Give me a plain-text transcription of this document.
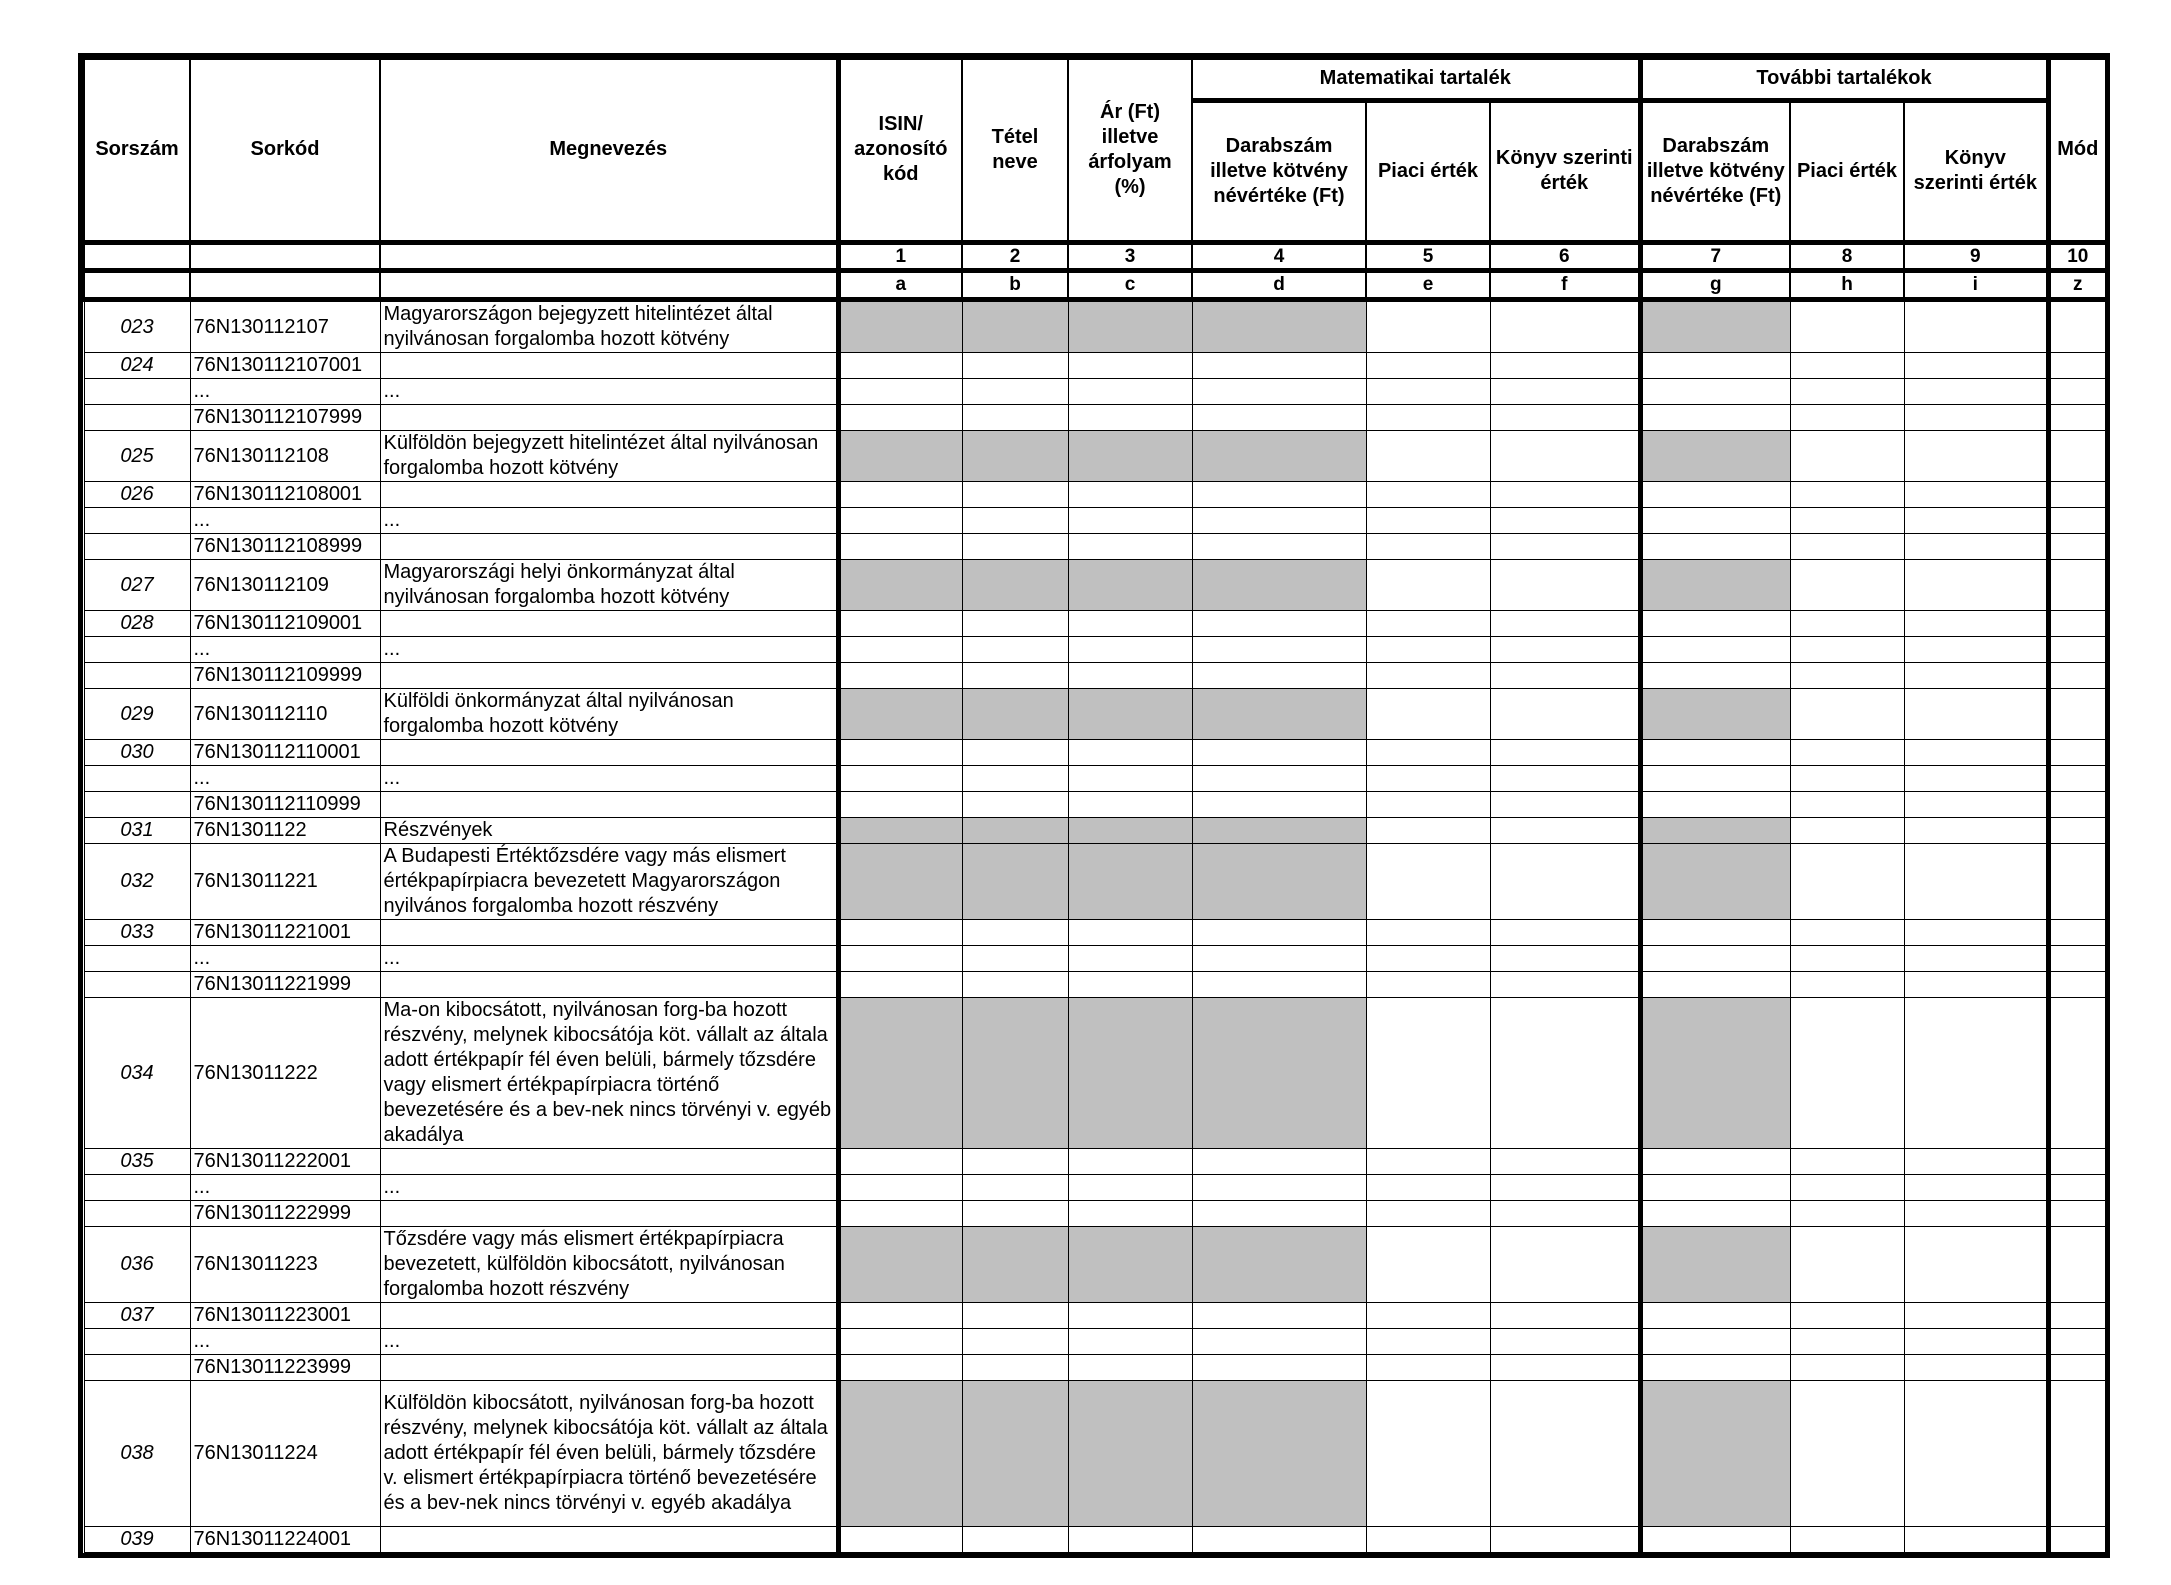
Sorszám	Sorkód	Megnevezés	ISIN/ azonosító kód	Tétel neve	Ár (Ft) illetve árfolyam (%)	Matematikai tartalék			További tartalékok			Mód
						Darabszám illetve kötvény névértéke (Ft)	Piaci érték	Könyv szerinti érték	Darabszám illetve kötvény névértéke (Ft)	Piaci érték	Könyv szerinti érték	
			1	2	3	4	5	6	7	8	9	10
			a	b	c	d	e	f	g	h	i	z
023	76N130112107	Magyarországon bejegyzett hitelintézet által nyilvánosan forgalomba hozott kötvény										
024	76N130112107001											
	...	...										
	76N130112107999											
025	76N130112108	Külföldön bejegyzett hitelintézet által nyilvánosan forgalomba hozott kötvény										
026	76N130112108001											
	...	...										
	76N130112108999											
027	76N130112109	Magyarországi helyi önkormányzat által nyilvánosan forgalomba hozott kötvény										
028	76N130112109001											
	...	...										
	76N130112109999											
029	76N130112110	Külföldi önkormányzat által nyilvánosan forgalomba hozott kötvény										
030	76N130112110001											
	...	...										
	76N130112110999											
031	76N1301122	Részvények										
032	76N13011221	A Budapesti Értéktőzsdére vagy más elismert értékpapírpiacra bevezetett Magyarországon nyilvános forgalomba hozott részvény										
033	76N13011221001											
	...	...										
	76N13011221999											
034	76N13011222	Ma-on kibocsátott, nyilvánosan forg-ba hozott részvény, melynek kibocsátója köt. vállalt az általa adott értékpapír fél éven belüli, bármely tőzsdére vagy elismert értékpapírpiacra történő bevezetésére és a bev-nek nincs törvényi v. egyéb akadálya										
035	76N13011222001											
	...	...										
	76N13011222999											
036	76N13011223	Tőzsdére vagy más elismert értékpapírpiacra bevezetett, külföldön kibocsátott, nyilvánosan forgalomba hozott részvény										
037	76N13011223001											
	...	...										
	76N13011223999											
038	76N13011224	Külföldön kibocsátott, nyilvánosan forg-ba hozott részvény, melynek kibocsátója köt. vállalt az általa adott értékpapír fél éven belüli, bármely tőzsdére v. elismert értékpapírpiacra történő bevezetésére és a bev-nek nincs törvényi v. egyéb akadálya										
039	76N13011224001											
